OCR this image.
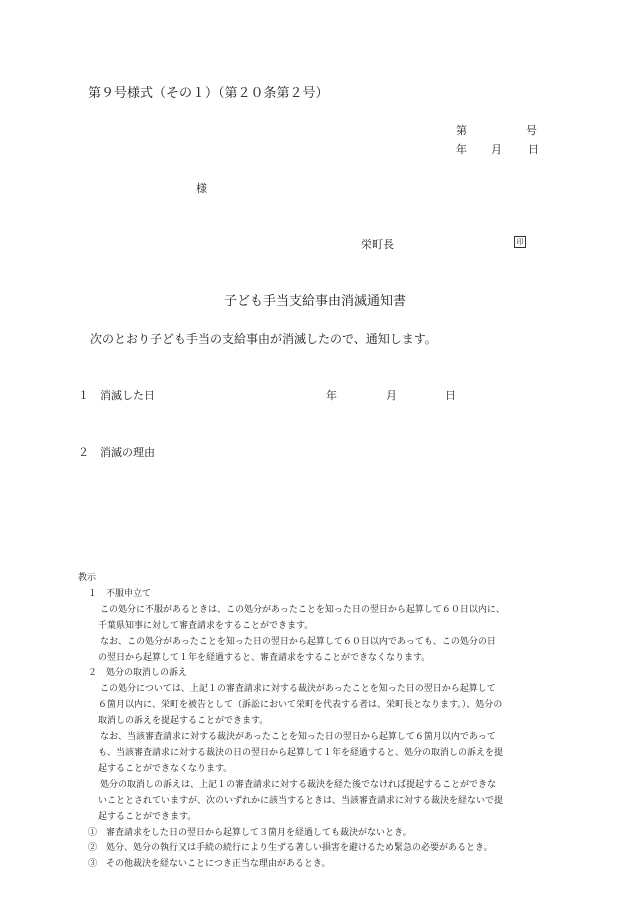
第９号様式（その１）（第２０条第２号）
第	号
年 月 日
様
栄町長	印
子ども手当支給事由消滅通知書
次のとおり子ども手当の支給事由が消滅したので、通知します。
１ 消滅した日	年	月	日
２ 消滅の理由
教示
１　不服申立て
この処分に不服があるときは、この処分があったことを知った日の翌日から起算して６０日以内に、
千葉県知事に対して審査請求をすることができます。
なお、この処分があったことを知った日の翌日から起算して６０日以内であっても、この処分の日
の翌日から起算して１年を経過すると、審査請求をすることができなくなります。
２　処分の取消しの訴え
この処分については、上記１の審査請求に対する裁決があったことを知った日の翌日から起算して
６箇月以内に、栄町を被告として（訴訟において栄町を代表する者は、栄町長となります。）、処分の
取消しの訴えを提起することができます。
なお、当該審査請求に対する裁決があったことを知った日の翌日から起算して６箇月以内であって
も、当該審査請求に対する裁決の日の翌日から起算して１年を経過すると、処分の取消しの訴えを提
起することができなくなります。
処分の取消しの訴えは、上記１の審査請求に対する裁決を経た後でなければ提起することができな
いこととされていますが、次のいずれかに該当するときは、当該審査請求に対する裁決を経ないで提
起することができます。
①　審査請求をした日の翌日から起算して３箇月を経過しても裁決がないとき。
②　処分、処分の執行又は手続の続行により生ずる著しい損害を避けるため緊急の必要があるとき。
③　その他裁決を経ないことにつき正当な理由があるとき。
